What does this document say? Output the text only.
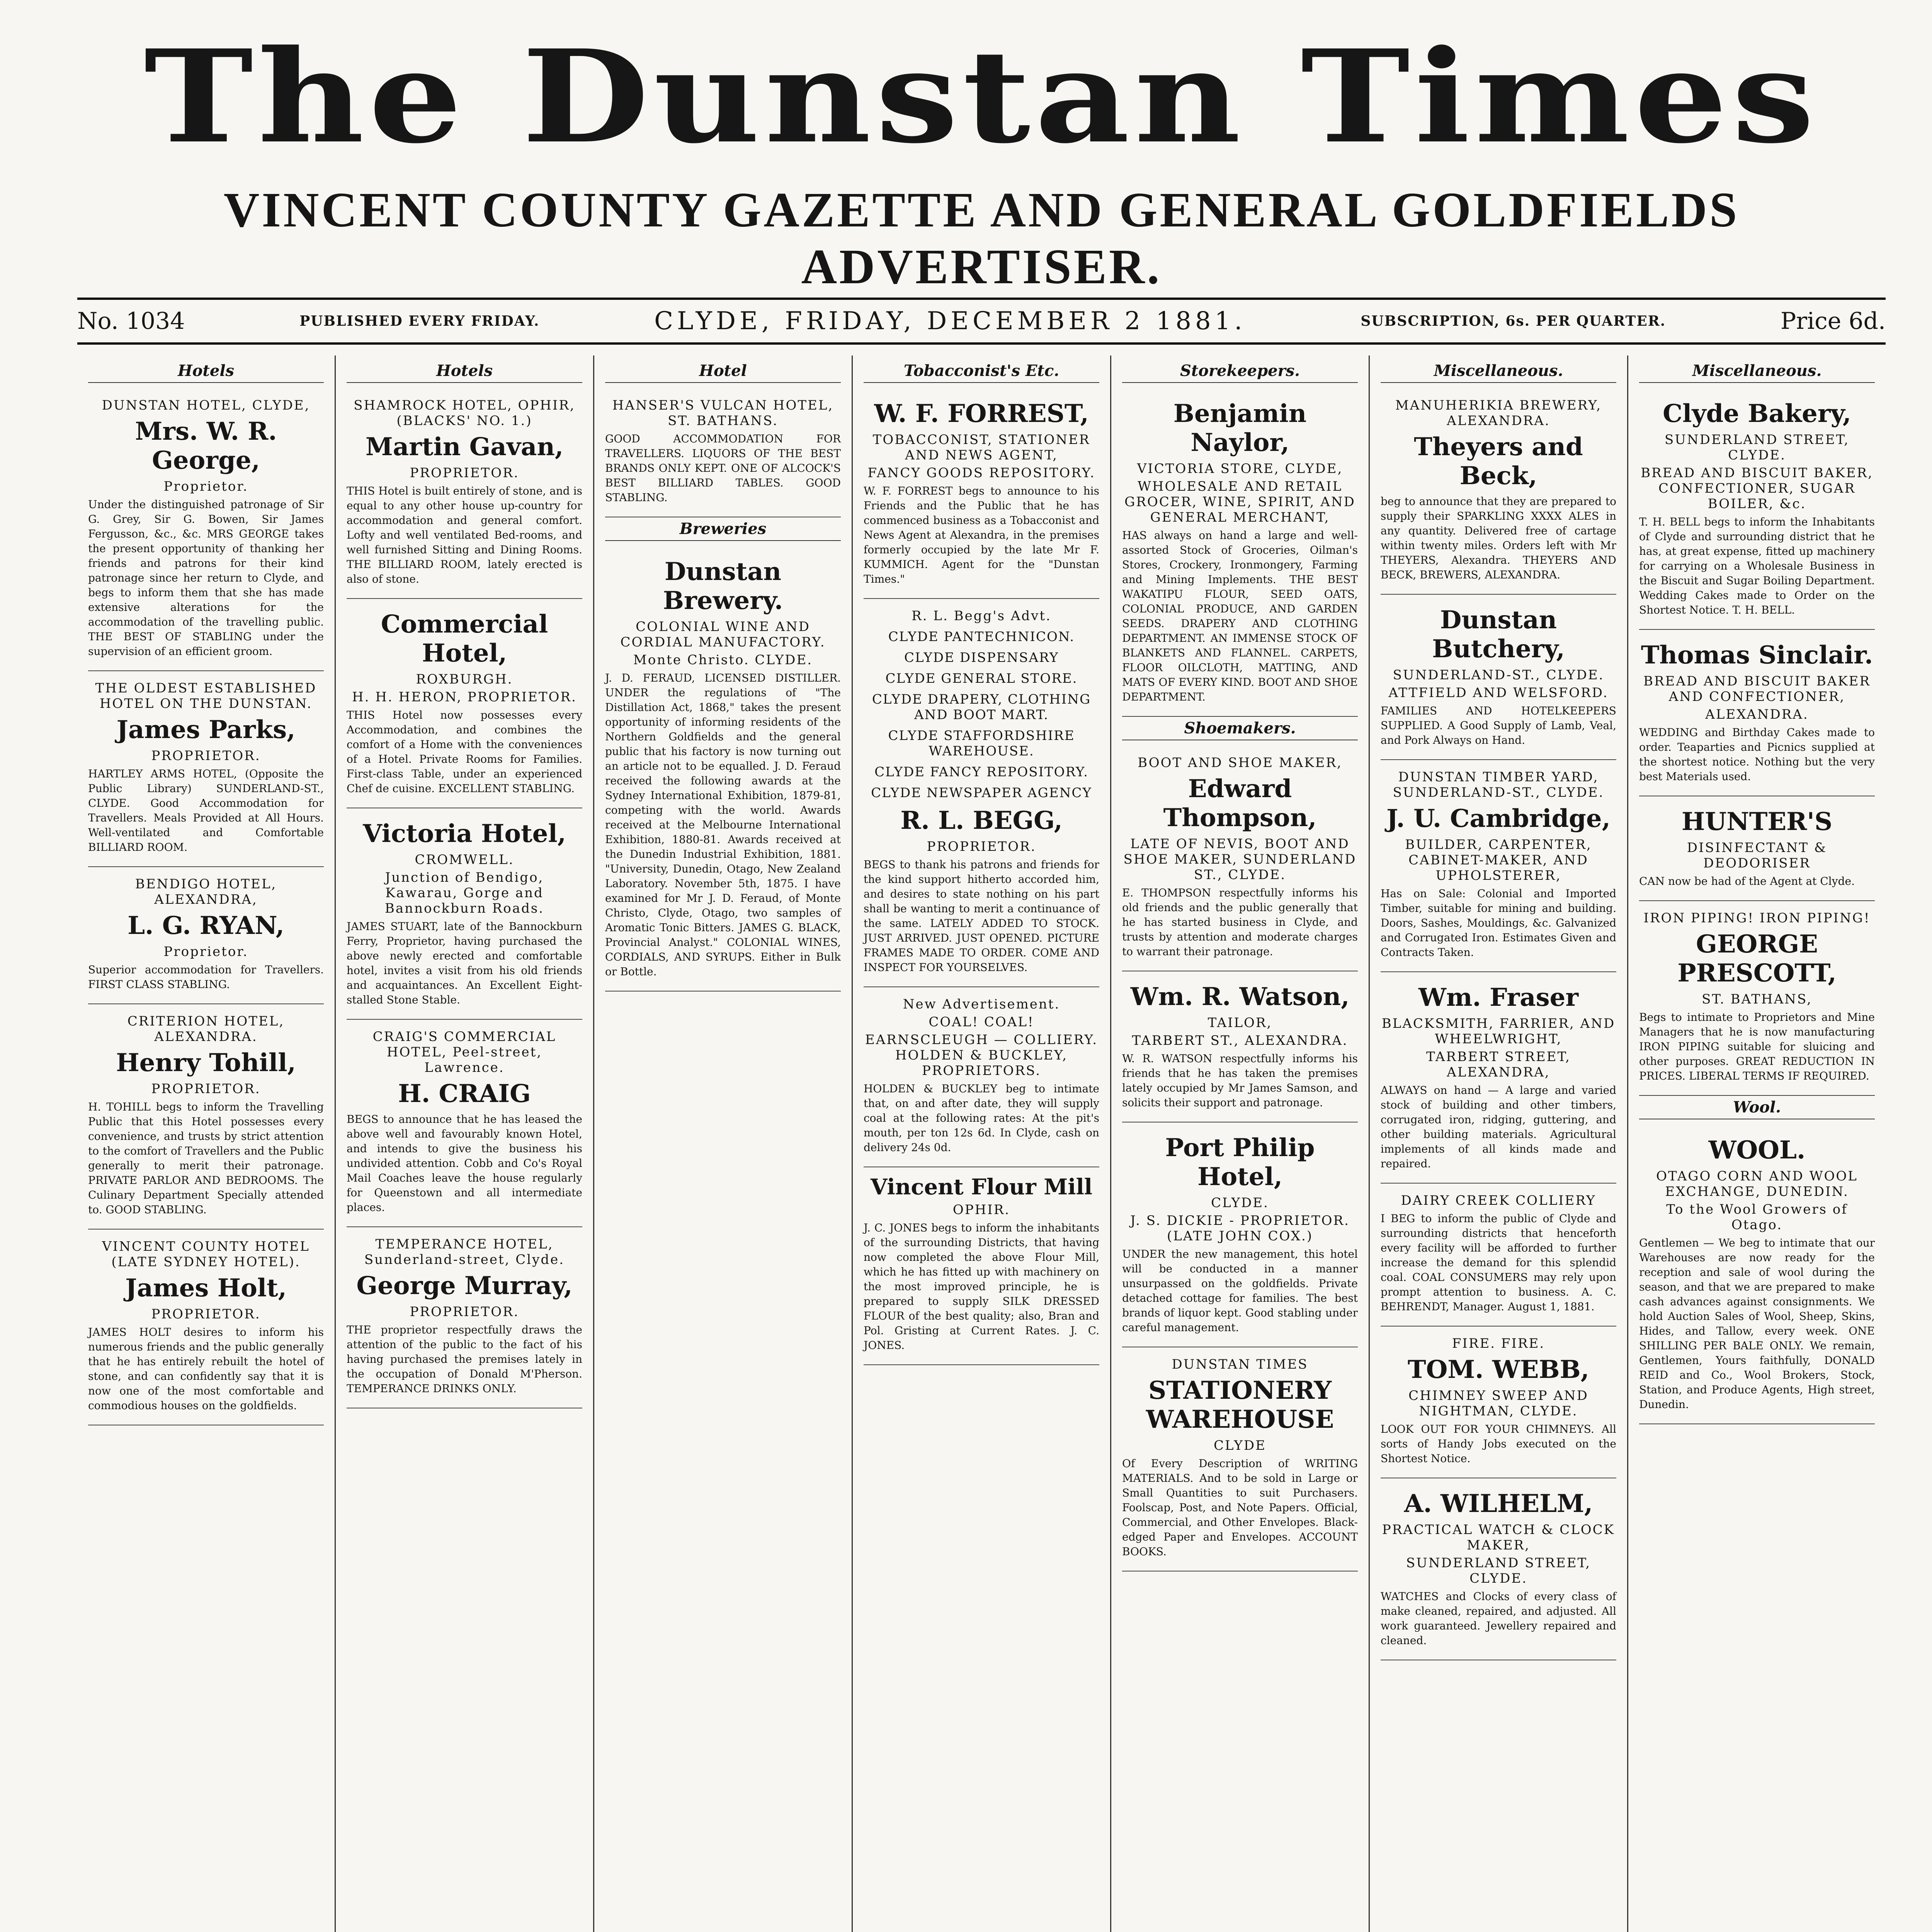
The Dunstan Times
VINCENT COUNTY GAZETTE AND GENERAL GOLDFIELDS ADVERTISER.
No. 1034	PUBLISHED EVERY FRIDAY.	CLYDE, FRIDAY, DECEMBER 2 1881.	SUBSCRIPTION, 6s. PER QUARTER.	Price 6d.
Hotels
DUNSTAN HOTEL, CLYDE,
Mrs. W. R. George,
Proprietor.
Under the distinguished patronage of Sir G. Grey, Sir G. Bowen, Sir James Fergusson, &c., &c. MRS GEORGE takes the present opportunity of thanking her friends and patrons for their kind patronage since her return to Clyde, and begs to inform them that she has made extensive alterations for the accommodation of the travelling public. THE BEST OF STABLING under the supervision of an efficient groom.
THE OLDEST ESTABLISHED HOTEL ON THE DUNSTAN.
James Parks,
PROPRIETOR.
HARTLEY ARMS HOTEL, (Opposite the Public Library) SUNDERLAND-ST., CLYDE. Good Accommodation for Travellers. Meals Provided at All Hours. Well-ventilated and Comfortable BILLIARD ROOM.
BENDIGO HOTEL, ALEXANDRA,
L. G. RYAN,
Proprietor.
Superior accommodation for Travellers. FIRST CLASS STABLING.
CRITERION HOTEL, ALEXANDRA.
Henry Tohill,
PROPRIETOR.
H. TOHILL begs to inform the Travelling Public that this Hotel possesses every convenience, and trusts by strict attention to the comfort of Travellers and the Public generally to merit their patronage. PRIVATE PARLOR AND BEDROOMS. The Culinary Department Specially attended to. GOOD STABLING.
VINCENT COUNTY HOTEL (LATE SYDNEY HOTEL).
James Holt,
PROPRIETOR.
JAMES HOLT desires to inform his numerous friends and the public generally that he has entirely rebuilt the hotel of stone, and can confidently say that it is now one of the most comfortable and commodious houses on the goldfields.
Hotels
SHAMROCK HOTEL, OPHIR, (BLACKS' NO. 1.)
Martin Gavan,
PROPRIETOR.
THIS Hotel is built entirely of stone, and is equal to any other house up-country for accommodation and general comfort. Lofty and well ventilated Bed-rooms, and well furnished Sitting and Dining Rooms. THE BILLIARD ROOM, lately erected is also of stone.
Commercial Hotel,
ROXBURGH.
H. H. HERON, PROPRIETOR.
THIS Hotel now possesses every Accommodation, and combines the comfort of a Home with the conveniences of a Hotel. Private Rooms for Families. First-class Table, under an experienced Chef de cuisine. EXCELLENT STABLING.
Victoria Hotel,
CROMWELL.
Junction of Bendigo, Kawarau, Gorge and Bannockburn Roads.
JAMES STUART, late of the Bannockburn Ferry, Proprietor, having purchased the above newly erected and comfortable hotel, invites a visit from his old friends and acquaintances. An Excellent Eight-stalled Stone Stable.
CRAIG'S COMMERCIAL HOTEL, Peel-street, Lawrence.
H. CRAIG
BEGS to announce that he has leased the above well and favourably known Hotel, and intends to give the business his undivided attention. Cobb and Co's Royal Mail Coaches leave the house regularly for Queenstown and all intermediate places.
TEMPERANCE HOTEL, Sunderland-street, Clyde.
George Murray,
PROPRIETOR.
THE proprietor respectfully draws the attention of the public to the fact of his having purchased the premises lately in the occupation of Donald M'Pherson. TEMPERANCE DRINKS ONLY.
Hotel
HANSER'S VULCAN HOTEL, ST. BATHANS.
GOOD ACCOMMODATION FOR TRAVELLERS. LIQUORS OF THE BEST BRANDS ONLY KEPT. ONE OF ALCOCK'S BEST BILLIARD TABLES. GOOD STABLING.
Breweries
Dunstan Brewery.
COLONIAL WINE AND CORDIAL MANUFACTORY.
Monte Christo. CLYDE.
J. D. FERAUD, LICENSED DISTILLER. UNDER the regulations of "The Distillation Act, 1868," takes the present opportunity of informing residents of the Northern Goldfields and the general public that his factory is now turning out an article not to be equalled. J. D. Feraud received the following awards at the Sydney International Exhibition, 1879-81, competing with the world. Awards received at the Melbourne International Exhibition, 1880-81. Awards received at the Dunedin Industrial Exhibition, 1881. "University, Dunedin, Otago, New Zealand Laboratory. November 5th, 1875. I have examined for Mr J. D. Feraud, of Monte Christo, Clyde, Otago, two samples of Aromatic Tonic Bitters. JAMES G. BLACK, Provincial Analyst." COLONIAL WINES, CORDIALS, AND SYRUPS. Either in Bulk or Bottle.
Tobacconist's Etc.
W. F. FORREST,
TOBACCONIST, STATIONER AND NEWS AGENT,
FANCY GOODS REPOSITORY.
W. F. FORREST begs to announce to his Friends and the Public that he has commenced business as a Tobacconist and News Agent at Alexandra, in the premises formerly occupied by the late Mr F. KUMMICH. Agent for the "Dunstan Times."
R. L. Begg's Advt.
CLYDE PANTECHNICON.
CLYDE DISPENSARY
CLYDE GENERAL STORE.
CLYDE DRAPERY, CLOTHING AND BOOT MART.
CLYDE STAFFORDSHIRE WAREHOUSE.
CLYDE FANCY REPOSITORY.
CLYDE NEWSPAPER AGENCY
R. L. BEGG,
PROPRIETOR.
BEGS to thank his patrons and friends for the kind support hitherto accorded him, and desires to state nothing on his part shall be wanting to merit a continuance of the same. LATELY ADDED TO STOCK. JUST ARRIVED. JUST OPENED. PICTURE FRAMES MADE TO ORDER. COME AND INSPECT FOR YOURSELVES.
New Advertisement.
COAL! COAL!
EARNSCLEUGH — COLLIERY. HOLDEN & BUCKLEY, PROPRIETORS.
HOLDEN & BUCKLEY beg to intimate that, on and after date, they will supply coal at the following rates: At the pit's mouth, per ton 12s 6d. In Clyde, cash on delivery 24s 0d.
Vincent Flour Mill
OPHIR.
J. C. JONES begs to inform the inhabitants of the surrounding Districts, that having now completed the above Flour Mill, which he has fitted up with machinery on the most improved principle, he is prepared to supply SILK DRESSED FLOUR of the best quality; also, Bran and Pol. Gristing at Current Rates. J. C. JONES.
Storekeepers.
Benjamin Naylor,
VICTORIA STORE, CLYDE,
WHOLESALE AND RETAIL GROCER, WINE, SPIRIT, AND GENERAL MERCHANT,
HAS always on hand a large and well-assorted Stock of Groceries, Oilman's Stores, Crockery, Ironmongery, Farming and Mining Implements. THE BEST WAKATIPU FLOUR, SEED OATS, COLONIAL PRODUCE, AND GARDEN SEEDS. DRAPERY AND CLOTHING DEPARTMENT. AN IMMENSE STOCK OF BLANKETS AND FLANNEL. CARPETS, FLOOR OILCLOTH, MATTING, AND MATS OF EVERY KIND. BOOT AND SHOE DEPARTMENT.
Shoemakers.
BOOT AND SHOE MAKER,
Edward Thompson,
LATE OF NEVIS, BOOT AND SHOE MAKER, SUNDERLAND ST., CLYDE.
E. THOMPSON respectfully informs his old friends and the public generally that he has started business in Clyde, and trusts by attention and moderate charges to warrant their patronage.
Wm. R. Watson,
TAILOR,
TARBERT ST., ALEXANDRA.
W. R. WATSON respectfully informs his friends that he has taken the premises lately occupied by Mr James Samson, and solicits their support and patronage.
Port Philip Hotel,
CLYDE.
J. S. DICKIE - PROPRIETOR. (LATE JOHN COX.)
UNDER the new management, this hotel will be conducted in a manner unsurpassed on the goldfields. Private detached cottage for families. The best brands of liquor kept. Good stabling under careful management.
DUNSTAN TIMES
STATIONERY WAREHOUSE
CLYDE
Of Every Description of WRITING MATERIALS. And to be sold in Large or Small Quantities to suit Purchasers. Foolscap, Post, and Note Papers. Official, Commercial, and Other Envelopes. Black-edged Paper and Envelopes. ACCOUNT BOOKS.
Miscellaneous.
MANUHERIKIA BREWERY, ALEXANDRA.
Theyers and Beck,
beg to announce that they are prepared to supply their SPARKLING XXXX ALES in any quantity. Delivered free of cartage within twenty miles. Orders left with Mr THEYERS, Alexandra. THEYERS AND BECK, BREWERS, ALEXANDRA.
Dunstan Butchery,
SUNDERLAND-ST., CLYDE.
ATTFIELD AND WELSFORD.
FAMILIES AND HOTELKEEPERS SUPPLIED. A Good Supply of Lamb, Veal, and Pork Always on Hand.
DUNSTAN TIMBER YARD, SUNDERLAND-ST., CLYDE.
J. U. Cambridge,
BUILDER, CARPENTER, CABINET-MAKER, AND UPHOLSTERER,
Has on Sale: Colonial and Imported Timber, suitable for mining and building. Doors, Sashes, Mouldings, &c. Galvanized and Corrugated Iron. Estimates Given and Contracts Taken.
Wm. Fraser
BLACKSMITH, FARRIER, AND WHEELWRIGHT,
TARBERT STREET, ALEXANDRA,
ALWAYS on hand — A large and varied stock of building and other timbers, corrugated iron, ridging, guttering, and other building materials. Agricultural implements of all kinds made and repaired.
DAIRY CREEK COLLIERY
I BEG to inform the public of Clyde and surrounding districts that henceforth every facility will be afforded to further increase the demand for this splendid coal. COAL CONSUMERS may rely upon prompt attention to business. A. C. BEHRENDT, Manager. August 1, 1881.
FIRE. FIRE.
TOM. WEBB,
CHIMNEY SWEEP AND NIGHTMAN, CLYDE.
LOOK OUT FOR YOUR CHIMNEYS. All sorts of Handy Jobs executed on the Shortest Notice.
A. WILHELM,
PRACTICAL WATCH & CLOCK MAKER,
SUNDERLAND STREET, CLYDE.
WATCHES and Clocks of every class of make cleaned, repaired, and adjusted. All work guaranteed. Jewellery repaired and cleaned.
Miscellaneous.
Clyde Bakery,
SUNDERLAND STREET, CLYDE.
BREAD AND BISCUIT BAKER, CONFECTIONER, SUGAR BOILER, &c.
T. H. BELL begs to inform the Inhabitants of Clyde and surrounding district that he has, at great expense, fitted up machinery for carrying on a Wholesale Business in the Biscuit and Sugar Boiling Department. Wedding Cakes made to Order on the Shortest Notice. T. H. BELL.
Thomas Sinclair.
BREAD AND BISCUIT BAKER AND CONFECTIONER,
ALEXANDRA.
WEDDING and Birthday Cakes made to order. Teaparties and Picnics supplied at the shortest notice. Nothing but the very best Materials used.
HUNTER'S
DISINFECTANT & DEODORISER
CAN now be had of the Agent at Clyde.
IRON PIPING! IRON PIPING!
GEORGE PRESCOTT,
ST. BATHANS,
Begs to intimate to Proprietors and Mine Managers that he is now manufacturing IRON PIPING suitable for sluicing and other purposes. GREAT REDUCTION IN PRICES. LIBERAL TERMS IF REQUIRED.
Wool.
WOOL.
OTAGO CORN AND WOOL EXCHANGE, DUNEDIN.
To the Wool Growers of Otago.
Gentlemen — We beg to intimate that our Warehouses are now ready for the reception and sale of wool during the season, and that we are prepared to make cash advances against consignments. We hold Auction Sales of Wool, Sheep, Skins, Hides, and Tallow, every week. ONE SHILLING PER BALE ONLY. We remain, Gentlemen, Yours faithfully, DONALD REID and Co., Wool Brokers, Stock, Station, and Produce Agents, High street, Dunedin.
